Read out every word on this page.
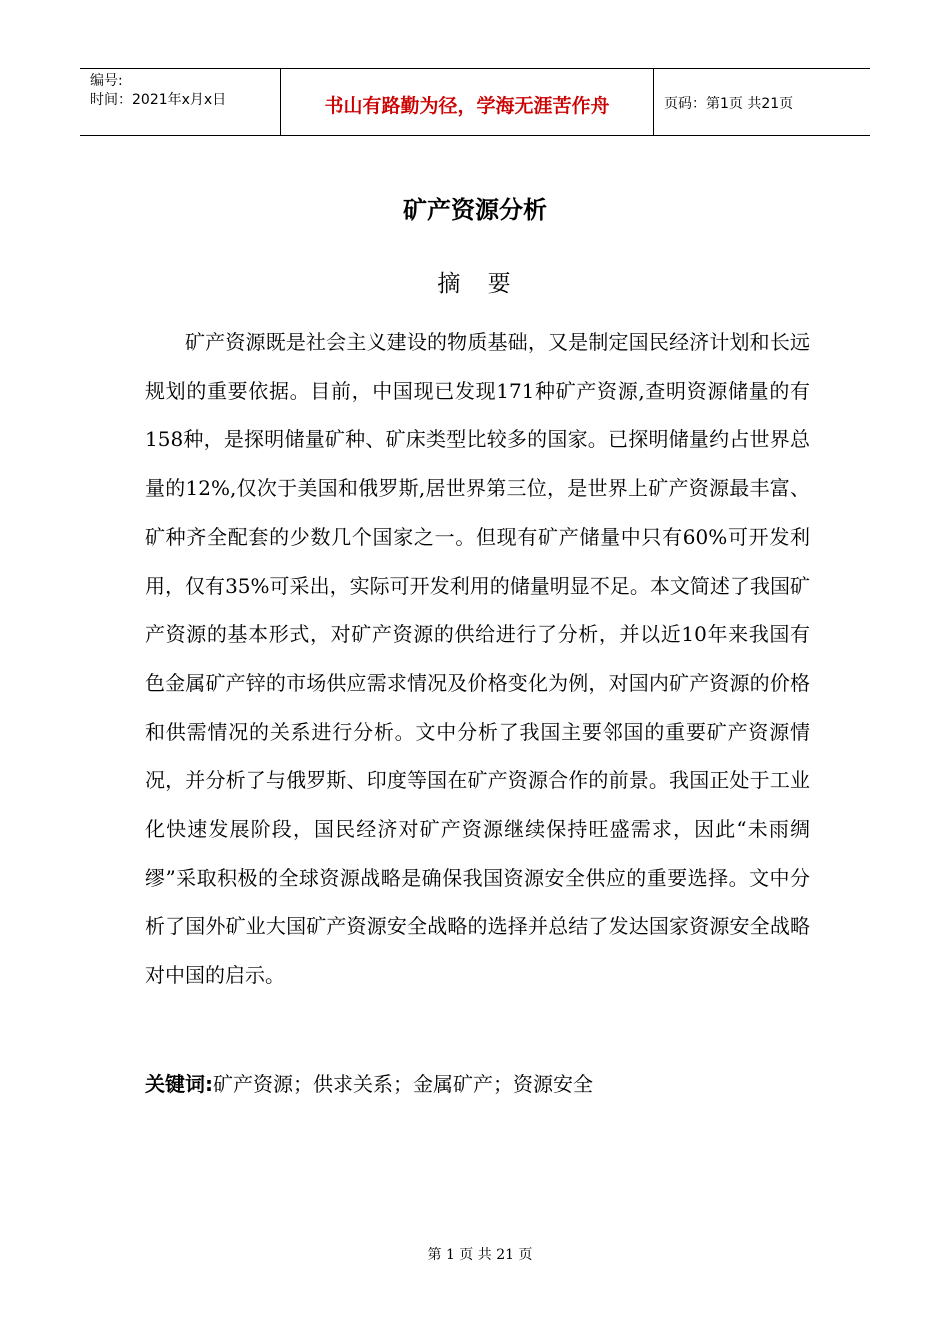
编号:
时间：2021年x月x日	书山有路勤为径，学海无涯苦作舟	页码：第1页 共21页
矿产资源分析
摘 要

矿产资源既是社会主义建设的物质基础，又是制定国民经济计划和长远规划的重要依据。目前，中国现已发现171种矿产资源,查明资源储量的有158种，是探明储量矿种、矿床类型比较多的国家。已探明储量约占世界总量的12%,仅次于美国和俄罗斯,居世界第三位，是世界上矿产资源最丰富、矿种齐全配套的少数几个国家之一。但现有矿产储量中只有60%可开发利用，仅有35%可采出，实际可开发利用的储量明显不足。本文简述了我国矿产资源的基本形式，对矿产资源的供给进行了分析，并以近10年来我国有色金属矿产锌的市场供应需求情况及价格变化为例，对国内矿产资源的价格和供需情况的关系进行分析。文中分析了我国主要邻国的重要矿产资源情况，并分析了与俄罗斯、印度等国在矿产资源合作的前景。我国正处于工业化快速发展阶段，国民经济对矿产资源继续保持旺盛需求，因此“未雨绸缪”采取积极的全球资源战略是确保我国资源安全供应的重要选择。文中分析了国外矿业大国矿产资源安全战略的选择并总结了发达国家资源安全战略对中国的启示。

关键词:矿产资源；供求关系；金属矿产；资源安全
第 1 页 共 21 页
